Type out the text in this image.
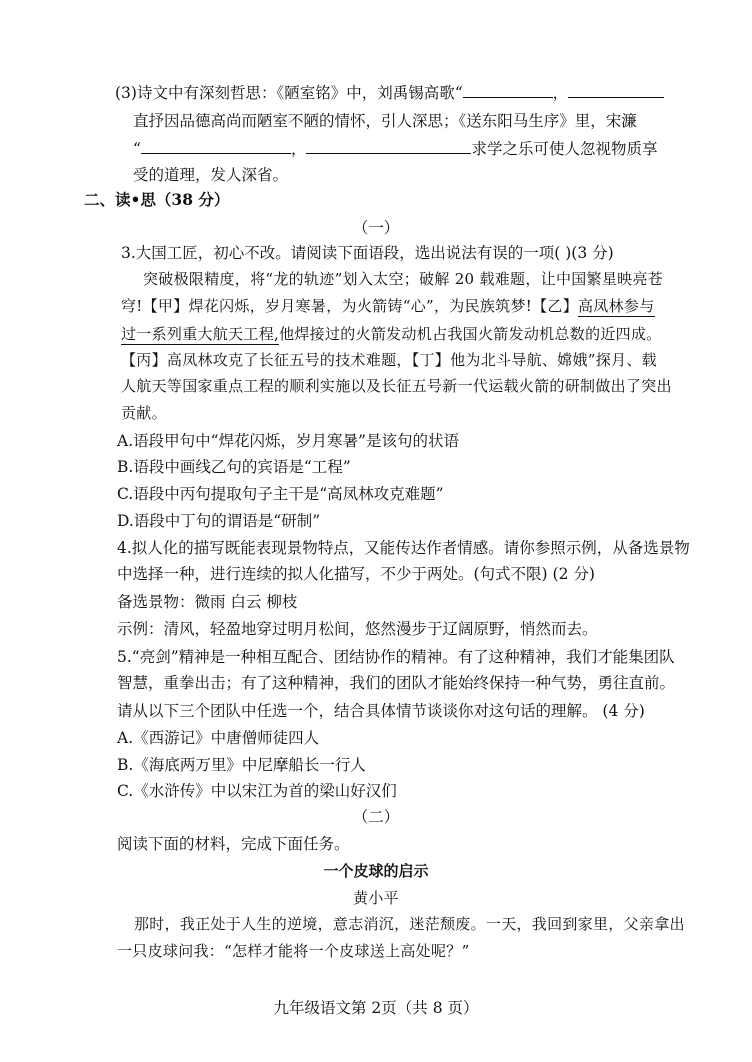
(3)诗文中有深刻哲思：《陋室铭》中，刘禹锡高歌“	，
直抒因品德高尚而陋室不陋的情怀，引人深思；《送东阳马生序》里，宋濂
“	，	求学之乐可使人忽视物质享
受的道理，发人深省。
二、读•思（38 分）
（一）
3.大国工匠，初心不改。请阅读下面语段，选出说法有误的一项( )(3 分)
突破极限精度，将“龙的轨迹”划入太空；破解 20 载难题，让中国繁星映亮苍
穹!【甲】焊花闪烁，岁月寒暑，为火箭铸“心”，为民族筑梦!【乙】高凤林参与
过一系列重大航天工程,他焊接过的火箭发动机占我国火箭发动机总数的近四成。
【丙】高凤林攻克了长征五号的技术难题，【丁】他为北斗导航、嫦娥”探月、载
人航天等国家重点工程的顺利实施以及长征五号新一代运载火箭的研制做出了突出
贡献。
A.语段甲句中“焊花闪烁，岁月寒暑”是该句的状语
B.语段中画线乙句的宾语是“工程”
C.语段中丙句提取句子主干是“高凤林攻克难题”
D.语段中丁句的谓语是“研制”
4.拟人化的描写既能表现景物特点，又能传达作者情感。请你参照示例，从备选景物
中选择一种，进行连续的拟人化描写，不少于两处。(句式不限) (2 分)
备选景物：微雨 白云 柳枝
示例：清风，轻盈地穿过明月松间，悠然漫步于辽阔原野，悄然而去。
5.“亮剑”精神是一种相互配合、团结协作的精神。有了这种精神，我们才能集团队
智慧，重拳出击；有了这种精神，我们的团队才能始终保持一种气势，勇往直前。
请从以下三个团队中任选一个，结合具体情节谈谈你对这句话的理解。 (4 分)
A.《西游记》中唐僧师徒四人
B.《海底两万里》中尼摩船长一行人
C.《水浒传》中以宋江为首的梁山好汉们
（二）
阅读下面的材料，完成下面任务。
一个皮球的启示
黄小平
那时，我正处于人生的逆境，意志消沉，迷茫颓废。一天，我回到家里，父亲拿出
一只皮球问我：“怎样才能将一个皮球送上高处呢？”
九年级语文第 2页（共 8 页）
